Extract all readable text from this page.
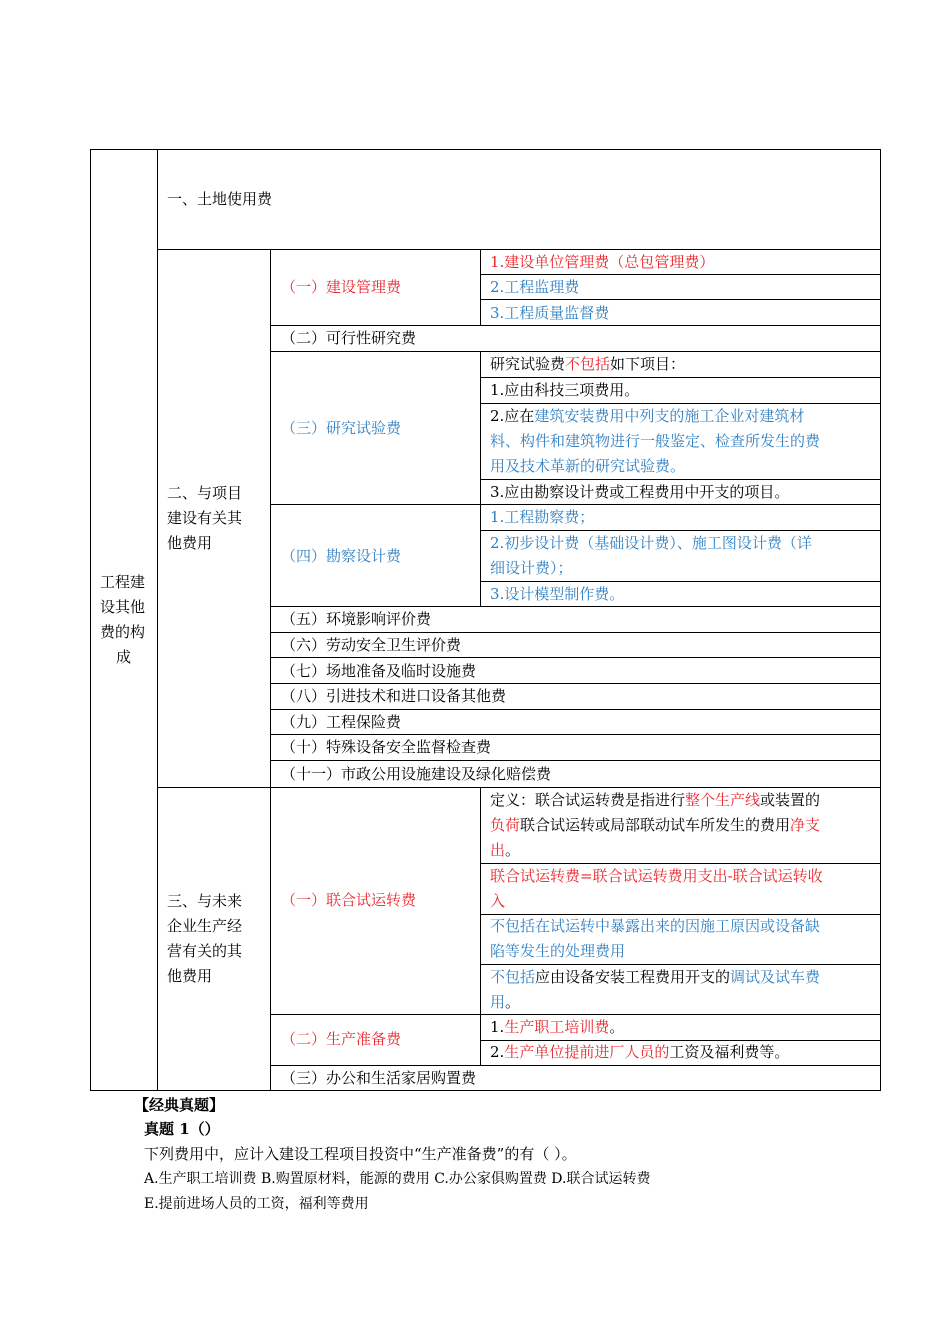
工程建
设其他
费的构
成
一、土地使用费
二、与项目
建设有关其
他费用
（一）建设管理费
1.建设单位管理费（总包管理费）
2.工程监理费
3.工程质量监督费
（二）可行性研究费
（三）研究试验费
研究试验费不包括如下项目：
1.应由科技三项费用。
2.应在建筑安装费用中列支的施工企业对建筑材
料、构件和建筑物进行一般鉴定、检查所发生的费
用及技术革新的研究试验费。
3.应由勘察设计费或工程费用中开支的项目。
（四）勘察设计费
1.工程勘察费；
2.初步设计费（基础设计费）、施工图设计费（详
细设计费）；
3.设计模型制作费。
（五）环境影响评价费
（六）劳动安全卫生评价费
（七）场地准备及临时设施费
（八）引进技术和进口设备其他费
（九）工程保险费
（十）特殊设备安全监督检查费
（十一）市政公用设施建设及绿化赔偿费
三、与未来
企业生产经
营有关的其
他费用
（一）联合试运转费
定义：联合试运转费是指进行整个生产线或装置的
负荷联合试运转或局部联动试车所发生的费用净支
出。
联合试运转费=联合试运转费用支出-联合试运转收
入
不包括在试运转中暴露出来的因施工原因或设备缺
陷等发生的处理费用
不包括应由设备安装工程费用开支的调试及试车费
用。
（二）生产准备费
1.生产职工培训费。
2.生产单位提前进厂人员的工资及福利费等。
（三）办公和生活家居购置费
【经典真题】
真题 1（）
下列费用中，应计入建设工程项目投资中“生产准备费”的有（ ）。
A.生产职工培训费 B.购置原材料，能源的费用 C.办公家俱购置费 D.联合试运转费
E.提前进场人员的工资，福利等费用
